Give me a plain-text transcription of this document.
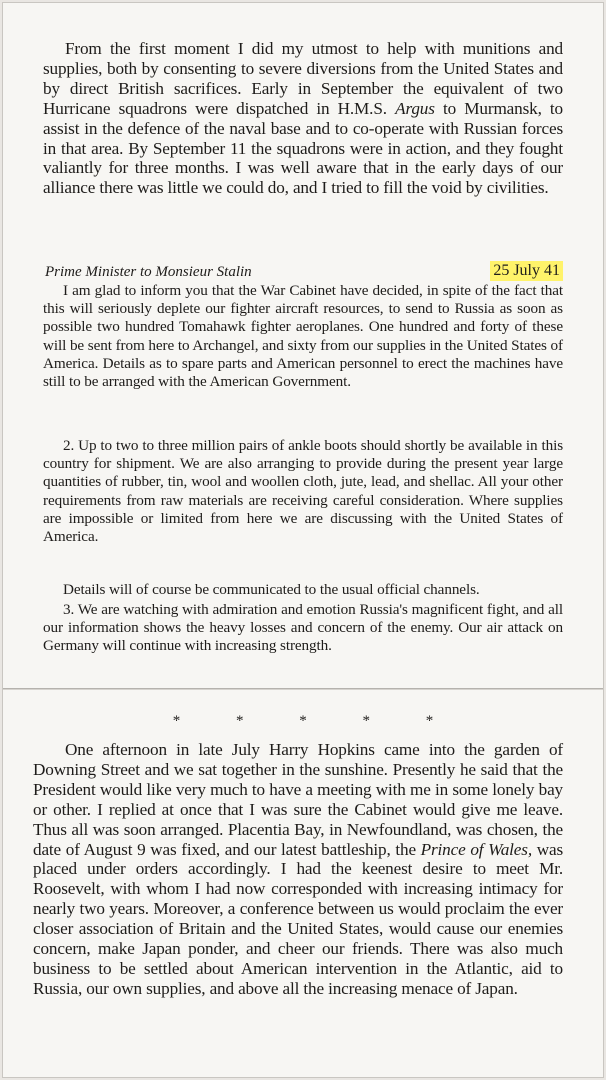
From the first moment I did my utmost to help with munitions and supplies, both by consenting to severe diversions from the United States and by direct British sacrifices. Early in September the equivalent of two Hurricane squadrons were dispatched in H.M.S. Argus to Murmansk, to assist in the defence of the naval base and to co-operate with Russian forces in that area. By September 11 the squadrons were in action, and they fought valiantly for three months. I was well aware that in the early days of our alliance there was little we could do, and I tried to fill the void by civilities.

Prime Minister to Monsieur Stalin	25 July 41

I am glad to inform you that the War Cabinet have decided, in spite of the fact that this will seriously deplete our fighter aircraft resources, to send to Russia as soon as possible two hundred Tomahawk fighter aeroplanes. One hundred and forty of these will be sent from here to Archangel, and sixty from our supplies in the United States of America. Details as to spare parts and American personnel to erect the machines have still to be arranged with the American Government.

2. Up to two to three million pairs of ankle boots should shortly be available in this country for shipment. We are also arranging to provide during the present year large quantities of rubber, tin, wool and woollen cloth, jute, lead, and shellac. All your other requirements from raw materials are receiving careful consideration. Where supplies are impossible or limited from here we are discussing with the United States of America.

Details will of course be communicated to the usual official channels.

3. We are watching with admiration and emotion Russia's magnificent fight, and all our information shows the heavy losses and concern of the enemy. Our air attack on Germany will continue with increasing strength.

* * * * *

One afternoon in late July Harry Hopkins came into the garden of Downing Street and we sat together in the sunshine. Presently he said that the President would like very much to have a meeting with me in some lonely bay or other. I replied at once that I was sure the Cabinet would give me leave. Thus all was soon arranged. Placentia Bay, in Newfoundland, was chosen, the date of August 9 was fixed, and our latest battleship, the Prince of Wales, was placed under orders accordingly. I had the keenest desire to meet Mr. Roosevelt, with whom I had now corresponded with increasing intimacy for nearly two years. Moreover, a conference between us would proclaim the ever closer association of Britain and the United States, would cause our enemies concern, make Japan ponder, and cheer our friends. There was also much business to be settled about American intervention in the Atlantic, aid to Russia, our own supplies, and above all the increasing menace of Japan.
